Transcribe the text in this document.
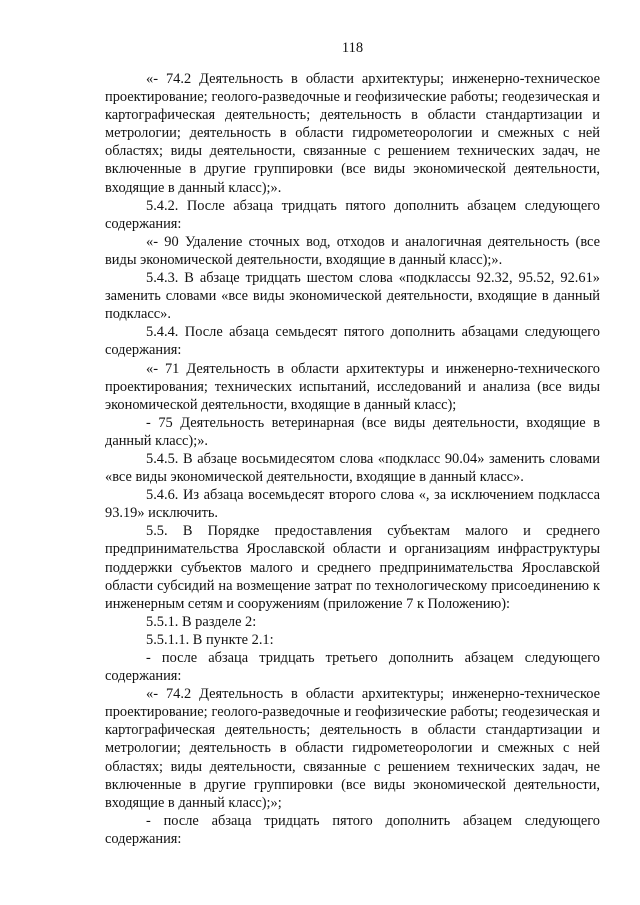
118

«- 74.2 Деятельность в области архитектуры; инженерно-техническое проектирование; геолого-разведочные и геофизические работы; геодезическая и картографическая деятельность; деятельность в области стандартизации и метрологии; деятельность в области гидрометеорологии и смежных с ней областях; виды деятельности, связанные с решением технических задач, не включенные в другие группировки (все виды экономической деятельности, входящие в данный класс);».

5.4.2. После абзаца тридцать пятого дополнить абзацем следующего содержания:

«- 90 Удаление сточных вод, отходов и аналогичная деятельность (все виды экономической деятельности, входящие в данный класс);».

5.4.3. В абзаце тридцать шестом слова «подклассы 92.32, 95.52, 92.61» заменить словами «все виды экономической деятельности, входящие в данный подкласс».

5.4.4. После абзаца семьдесят пятого дополнить абзацами следующего содержания:

«- 71 Деятельность в области архитектуры и инженерно-технического проектирования; технических испытаний, исследований и анализа (все виды экономической деятельности, входящие в данный класс);

- 75 Деятельность ветеринарная (все виды деятельности, входящие в данный класс);».

5.4.5. В абзаце восьмидесятом слова «подкласс 90.04» заменить словами «все виды экономической деятельности, входящие в данный класс».

5.4.6. Из абзаца восемьдесят второго слова «, за исключением подкласса 93.19» исключить.

5.5. В Порядке предоставления субъектам малого и среднего предпринимательства Ярославской области и организациям инфраструктуры поддержки субъектов малого и среднего предпринимательства Ярославской области субсидий на возмещение затрат по технологическому присоединению к инженерным сетям и сооружениям (приложение 7 к Положению):

5.5.1. В разделе 2:

5.5.1.1. В пункте 2.1:

- после абзаца тридцать третьего дополнить абзацем следующего содержания:

«- 74.2 Деятельность в области архитектуры; инженерно-техническое проектирование; геолого-разведочные и геофизические работы; геодезическая и картографическая деятельность; деятельность в области стандартизации и метрологии; деятельность в области гидрометеорологии и смежных с ней областях; виды деятельности, связанные с решением технических задач, не включенные в другие группировки (все виды экономической деятельности, входящие в данный класс);»;

- после абзаца тридцать пятого дополнить абзацем следующего содержания:
